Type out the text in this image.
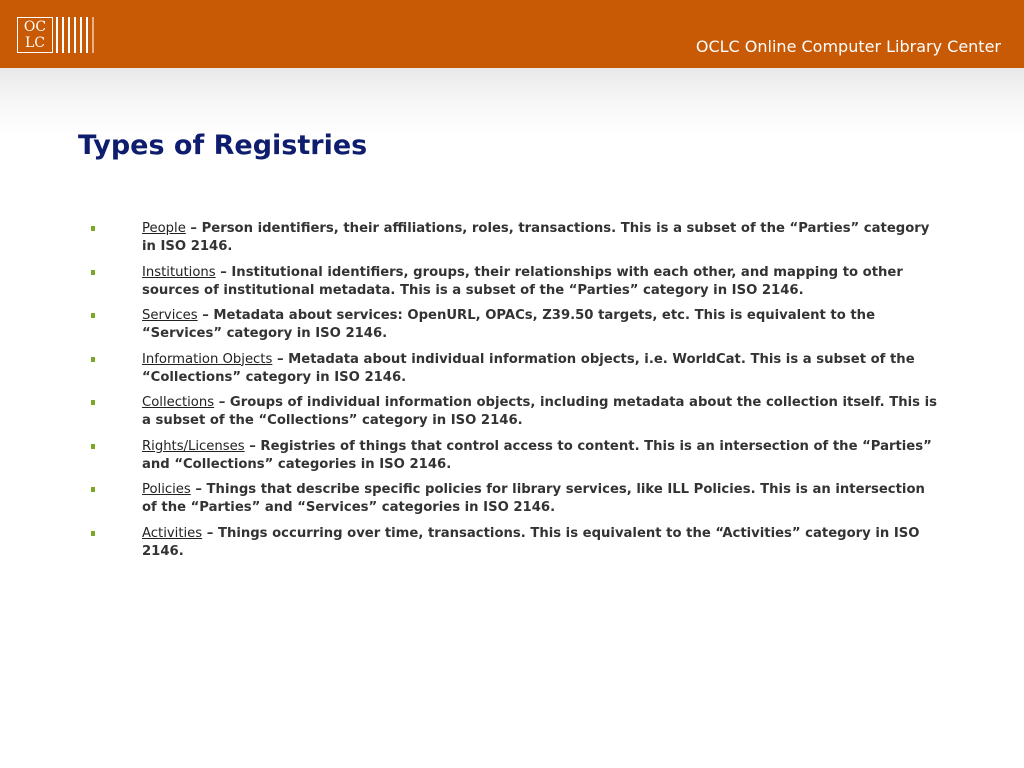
OC
LC	OCLC Online Computer Library Center
Types of Registries
People – Person identifiers, their affiliations, roles, transactions. This is a subset of the “Parties” category in ISO 2146.
Institutions – Institutional identifiers, groups, their relationships with each other, and mapping to other sources of institutional metadata. This is a subset of the “Parties” category in ISO 2146.
Services – Metadata about services: OpenURL, OPACs, Z39.50 targets, etc. This is equivalent to the “Services” category in ISO 2146.
Information Objects – Metadata about individual information objects, i.e. WorldCat. This is a subset of the “Collections” category in ISO 2146.
Collections – Groups of individual information objects, including metadata about the collection itself. This is a subset of the “Collections” category in ISO 2146.
Rights/Licenses – Registries of things that control access to content. This is an intersection of the “Parties” and “Collections” categories in ISO 2146.
Policies – Things that describe specific policies for library services, like ILL Policies. This is an intersection of the “Parties” and “Services” categories in ISO 2146.
Activities – Things occurring over time, transactions. This is equivalent to the “Activities” category in ISO 2146.
